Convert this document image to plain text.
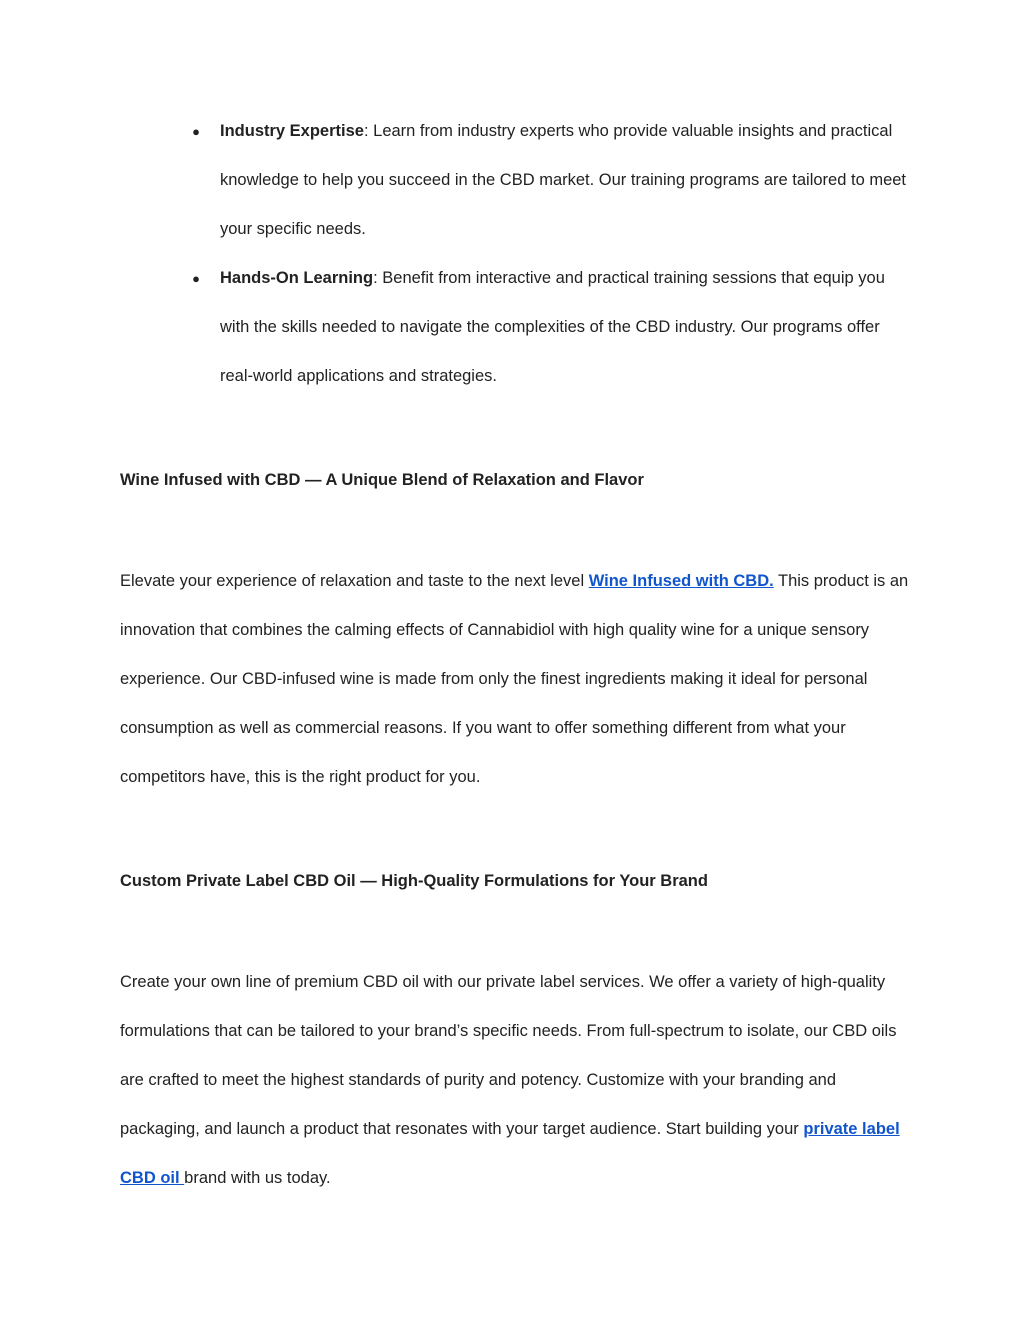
●	Industry Expertise: Learn from industry experts who provide valuable insights and practical knowledge to help you succeed in the CBD market. Our training programs are tailored to meet your specific needs.
●	Hands-On Learning: Benefit from interactive and practical training sessions that equip you with the skills needed to navigate the complexities of the CBD industry. Our programs offer real-world applications and strategies.
Wine Infused with CBD — A Unique Blend of Relaxation and Flavor

Elevate your experience of relaxation and taste to the next level Wine Infused with CBD. This product is an innovation that combines the calming effects of Cannabidiol with high quality wine for a unique sensory experience. Our CBD-infused wine is made from only the finest ingredients making it ideal for personal consumption as well as commercial reasons. If you want to offer something different from what your competitors have, this is the right product for you.

Custom Private Label CBD Oil — High-Quality Formulations for Your Brand

Create your own line of premium CBD oil with our private label services. We offer a variety of high-quality formulations that can be tailored to your brand’s specific needs. From full-spectrum to isolate, our CBD oils are crafted to meet the highest standards of purity and potency. Customize with your branding and packaging, and launch a product that resonates with your target audience. Start building your private label CBD oil brand with us today.
